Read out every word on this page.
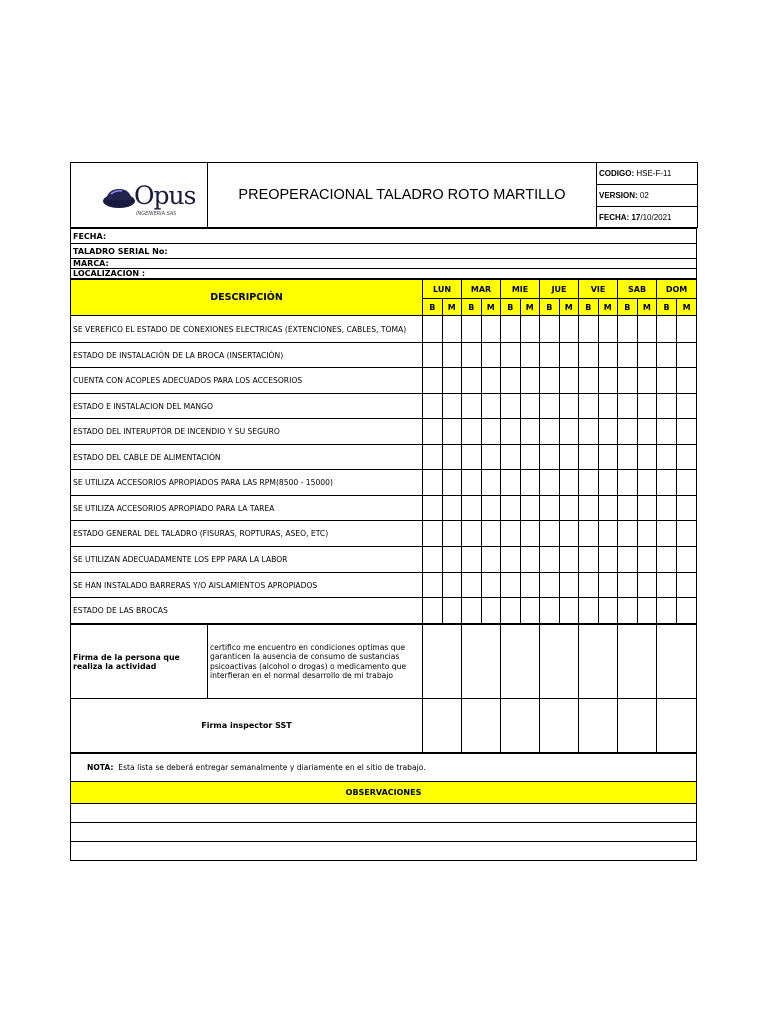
Opus
INGENIERIA SAS
	PREOPERACIONAL TALADRO ROTO MARTILLO	CODIGO: HSE-F-11
VERSION: 02
FECHA: 17/10/2021
FECHA:
TALADRO SERIAL No:
MARCA:
LOCALIZACION :
DESCRIPCIÓN	LUN		MAR		MIE		JUE		VIE		SAB		DOM	
	B	M	B	M	B	M	B	M	B	M	B	M	B	M
SE VEREFICO EL ESTADO DE CONEXIONES ELECTRICAS (EXTENCIONES, CABLES, TOMA)														
ESTADO DE INSTALACIÓN DE LA BROCA (INSERTACIÓN)														
CUENTA CON ACOPLES ADECUADOS PARA LOS ACCESORIOS														
ESTADO E INSTALACION DEL MANGO														
ESTADO DEL INTERUPTOR DE INCENDIO Y SU SEGURO														
ESTADO DEL CABLE DE ALIMENTACIÓN														
SE UTILIZA ACCESORIOS APROPIADOS PARA LAS RPM(8500 - 15000)														
SE UTILIZA ACCESORIOS APROPIADO PARA LA TAREA														
ESTADO GENERAL DEL TALADRO (FISURAS, ROPTURAS, ASEO, ETC)														
SE UTILIZAN ADECUADAMENTE LOS EPP PARA LA LABOR														
SE HAN INSTALADO BARRERAS Y/O AISLAMIENTOS APROPIADOS														
ESTADO DE LAS BROCAS														
Firma de la persona que realiza la actividad	certifico me encuentro en condiciones optimas que garanticen la ausencia de consumo de sustancias psicoactivas (alcohol o drogas) o medicamento que interfieran en el normal desarrollo de mi trabajo							
Firma inspector SST								
NOTA: Esta lista se deberá entregar semanalmente y diariamente en el sitio de trabajo.
OBSERVACIONES
